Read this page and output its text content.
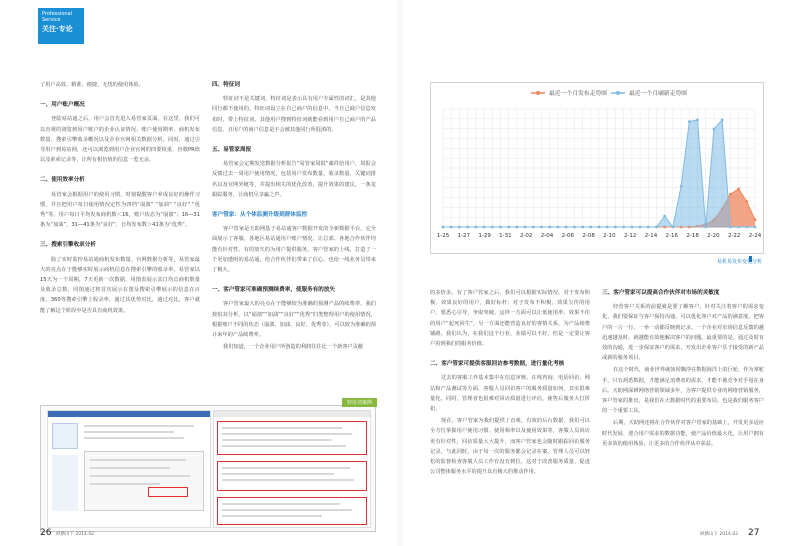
Professional
Service
关注·专论

了用户高效、精准、便捷、无忧的使用体验。

一、用户账户概况

登陆易站通之后，用户会首先进入易管家页面。在这里，我们可以直观的浏览到用户账户的企业认证情况、账户使用期率、商机发布数量、搜索引擎收录概况以及企业官网相关数据分析。同时，通过引导用户到易站网，还可以浏览到用户企业官网的四要权重、谷歌PR值以及索索记录等，让所有相仿值的信息一览无余。

二、使用效率分析

易管家会根据用户的使用习惯，时刻提醒客户养成良好的操作习惯，并且把用户每日使用情况定性为四档“崩溃” “加油” “良好” “优秀”等。用户每日平均发布商机数＜16，账户状态为“崩溃”；16—31条为“加油”，31—41条为“良好”，日均发布数＞41条为“优秀”。

三、搜索引擎收录分析

除了实时监控易站通商机发布数量、官网数据分析等，易管家最大的亮点在于能够实时展示商机信息在搜索引擎的收录率。易管家以15天为一个周期，7天更新一次数据，用图表展示其日均总商机数量及收录总数，同图通过将首次展示在图及搜索引擎展示的信息在百度、360等搜索引擎上收录率，通过其优势对比，通过对比，客户就能了解这个阶段中是否具有商机效果。

四、特征词

特征词不是关键词，特征词是表示具有用户专属性的词汇，是其他同行都不使用的。特征词设立在自己商户的信息中，当自己商户信息发布时，带上特征词。其他用户搜到特征词就能看到用户自己商户的产品信息，且用户的商户信息是不会被其他同行所混淆的。

五、易管家周报

易管家会定期发送数据分析报告“易管家周报”邮件给用户，周报会反馈过去一周用户使用情况，包括用户发布数量、收录数量、关键词排名以及官网外链等，并提出相关的优化改善，提升效果的建议，一条龙跟踪服务，让商机尽享赢之声。

客户管家：从个体监测升级到群体监控

客户管家是天助网基于易站通客户数据开发的全新数据平台，它全面展示了客服、各地区易站通用户账户情况，让总部、各地合作伙伴均能有针对性、有的放矢的为用户提供服务。客户管家的上线，打造了一个更加透明的易站通，给合作伙伴们带来了信心，也给一线业务员带来了极大。

一、客户管家可准确预测续费率，使服务有的放矢

客户管家最大的亮点在于能够较为准确的预测产品的续费率，我们按拍其分析，以“崩溃”“加油”“良好”“优秀”归类整理用户的使用情况，根据账户不同的状态（崩溃、加油、良好、优秀等），可以较为准确的预计来年的产品续费率。

我们知道，一个企业用户所创造的利润往往比一个新客户贡献

特征词案例
1-25 1-27 1-29 1-31 2-02 2-04 2-06 2-08 2-10 2-12 2-14 2-16 2-18 2-20 2-22 2-24
最近一个月发布走势图	最近一个月刷新走势图
易机易发布变化分析

的多倍多。有了客户管家之后，我们可以根据实际情况，对于发布积极、效果良好的用户，做好标杆；对于发布不积极、效果欠佳的用户，要悉心引导，争取突破。这样一方面可以让低使用率、效果不佳的用户“起死回生”，另一方面还能营造良好的客情关系，为产品续费铺路。我们认为，在我们这个行业，业绩可以不好，但是一定要让客户看到我们的服务价值。

二、客户管家可提供客服回访参考数据，进行量化考核

过去的客服工作基本集中在信息审核、在线咨询、电话回访、网站和产品测试等方面，客服人员回访客户的服务质量如何，其实很难量化。同时，管理者也很难对回访质量进行评估，使售后服务大打折扣。

现在，客户管家为我们提供了直观、有效的后台数据，我们可以全方位掌握用户使用习惯、使用频率以及使用效果等，客服人员回访更有针对性，回访质量大大提升，而客户管家也会随时跟踪回访服务记录，与此同时，由于每一次的服务都会记录在案，管理人员可以轻松的监督检查客服人员工作有没有到位，这对于改善服务质量、促进公司整体服务水平的提升具有极大的推动作用。

三、客户管家可以提高合作伙伴对市场的灵敏度

经营客户关系的前提就是要了解客户，针对关注着客户的需求变化，我们要保证与客户保持沟通，可以优化客户对产品的满意度，把客户的一言一行、一举一动都反映到记录。一个企业对市场信息反馈的越迅速越及时，就越能有效地解决客户的问题。最重要的是，通过及时有效的沟通，进一步保证客户的需求，开发出企业客户乐于接受的新产品或新的服务项目。

在这个时代，商业世界就如同飘浮在数据海洋上的巨轮，作为掌舵手，只有洞悉数据，才能满足消费者的需求，才能不被竞争对手甩在身后。天助网深耕网络营销领域多年，为客户提供专业的网络营销服务，客户管家的推出，是我们在大数据时代的重要布局，也是我们服务客户的一个重要工具。

后期，天助网还将在合作伙伴对客户管家的基础上，开发更多适应时代发展、迎合用户需求的数据功能，使产品价值最大化，让用户拥有更多放的使用体验，让更多的合作伙伴从中获益。

26 纵横山下 2014.02	纵横山下 2014.02 27
